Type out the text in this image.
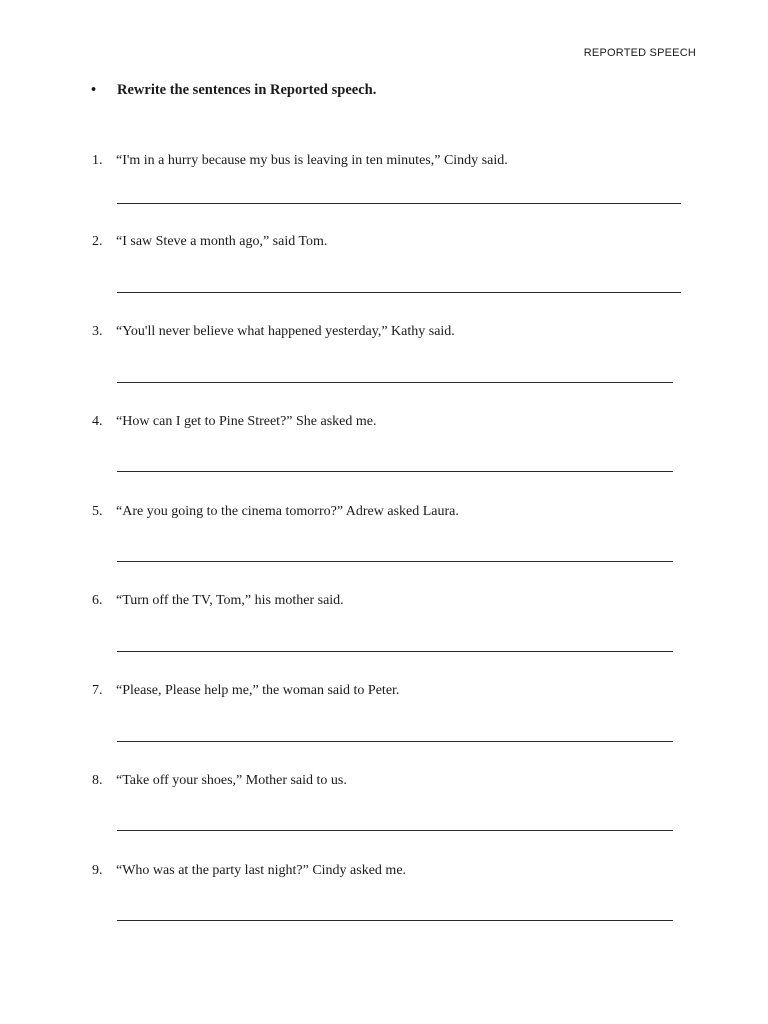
REPORTED SPEECH
• Rewrite the sentences in Reported speech.
1. “I'm in a hurry because my bus is leaving in ten minutes,” Cindy said.
2. “I saw Steve a month ago,” said Tom.
3. “You'll never believe what happened yesterday,” Kathy said.
4. “How can I get to Pine Street?” She asked me.
5. “Are you going to the cinema tomorro?” Adrew asked Laura.
6. “Turn off the TV, Tom,” his mother said.
7. “Please, Please help me,” the woman said to Peter.
8. “Take off your shoes,” Mother said to us.
9. “Who was at the party last night?” Cindy asked me.
